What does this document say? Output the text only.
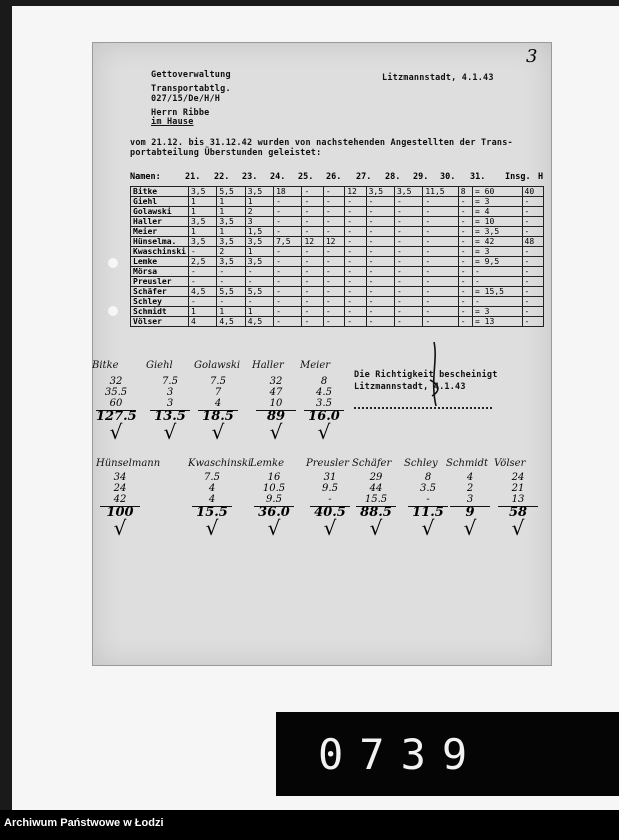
3
Gettoverwaltung
Transportabtlg.
027/15/De/H/H
Litzmannstadt, 4.1.43
Herrn Ribbe
im Hause
vom 21.12. bis 31.12.42 wurden von nachstehenden Angestellten der Trans-
portabteilung Überstunden geleistet:
Namen:	21. 22. 23. 24. 25. 26. 27. 28. 29. 30. 31. Insg. H
Bitke	3,5	5,5	3,5	18	-	-	12	3,5	3,5	11,5	8	= 60	40
Giehl	1	1	1	-	-	-	-	-	-	-	-	= 3	-
Golawski	1	1	2	-	-	-	-	-	-	-	-	= 4	-
Haller	3,5	3,5	3	-	-	-	-	-	-	-	-	= 10	-
Meier	1	1	1,5	-	-	-	-	-	-	-	-	= 3,5	-
Hünselma.	3,5	3,5	3,5	7,5	12	12	-	-	-	-	-	= 42	48
Kwaschinski	-	2	1	-	-	-	-	-	-	-	-	= 3	-
Lemke	2,5	3,5	3,5	-	-	-	-	-	-	-	-	= 9,5	-
Mörsa	-	-	-	-	-	-	-	-	-	-	-	-	-
Preusler	-	-	-	-	-	-	-	-	-	-	-	-	-
Schäfer	4,5	5,5	5,5	-	-	-	-	-	-	-	-	= 15,5	-
Schley	-	-	-	-	-	-	-	-	-	-	-	-	-
Schmidt	1	1	1	-	-	-	-	-	-	-	-	= 3	-
Völser	4	4,5	4,5	-	-	-	-	-	-	-	-	= 13	-
Die Richtigkeit bescheinigt
Litzmannstadt, 4.1.43
Bitke
32
35.5
60
127.5
√
Giehl
7.5
3
3
13.5
√
Golawski
7.5
7
4
18.5
√
Haller
32
47
10
89
√
Meier
8
4.5
3.5
16.0
√
Hünselmann
34
24
42
100
√
Kwaschinski
7.5
4
4
15.5
√
Lemke
16
10.5
9.5
36.0
√
Preusler
31
9.5
-
40.5
√
Schäfer
29
44
15.5
88.5
√
Schley
8
3.5
-
11.5
√
Schmidt
4
2
3
9
√
Völser
24
21
13
58
√
0739
Archiwum Państwowe w Łodzi
